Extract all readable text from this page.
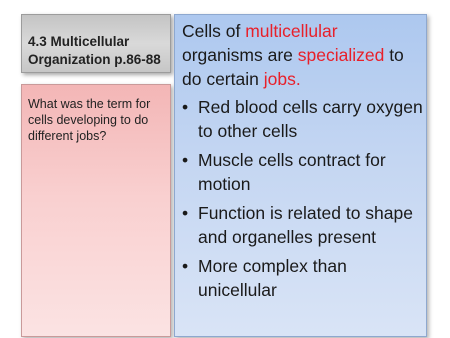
4.3 Multicellular Organization p.86-88
What was the term for cells developing to do different jobs?
Cells of multicellular organisms are specialized to do certain jobs.
• Red blood cells carry oxygen to other cells
• Muscle cells contract for motion
• Function is related to shape and organelles present
• More complex than unicellular
